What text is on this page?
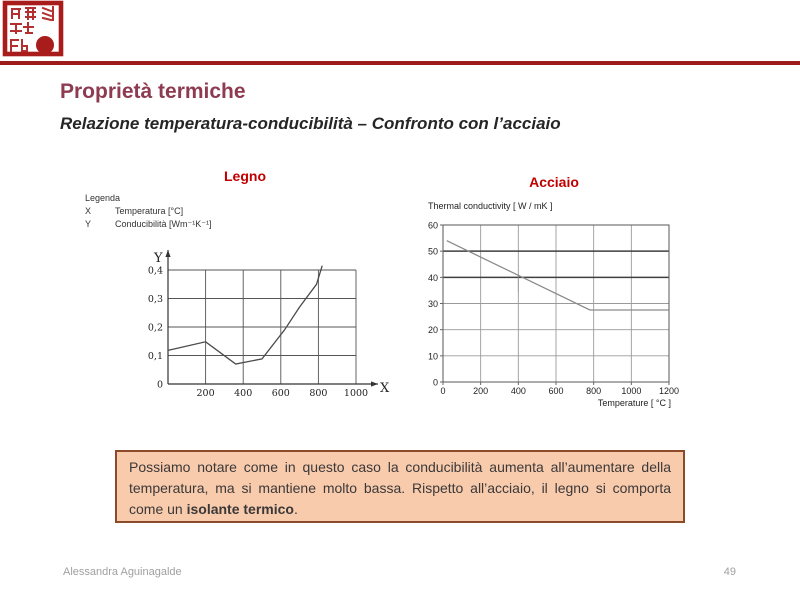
Proprietà termiche
Relazione temperatura-conducibilità – Confronto con l’acciaio
Legno
Legenda
X	Temperatura [°C]
Y	Conducibilità [Wm⁻¹K⁻¹]
0
0,1
0,2
0,3
0,4
200 400 600 800 1000
Y
X
Acciaio
Thermal conductivity [ W / mK ]
0
10
20
30
40
50
60
0	200	400	600	800 1000 1200
Temperature [ °C ]
Possiamo notare come in questo caso la conducibilità aumenta all’aumentare della temperatura, ma si mantiene molto bassa. Rispetto all’acciaio, il legno si comporta come un isolante termico.
Alessandra Aguinagalde	49
